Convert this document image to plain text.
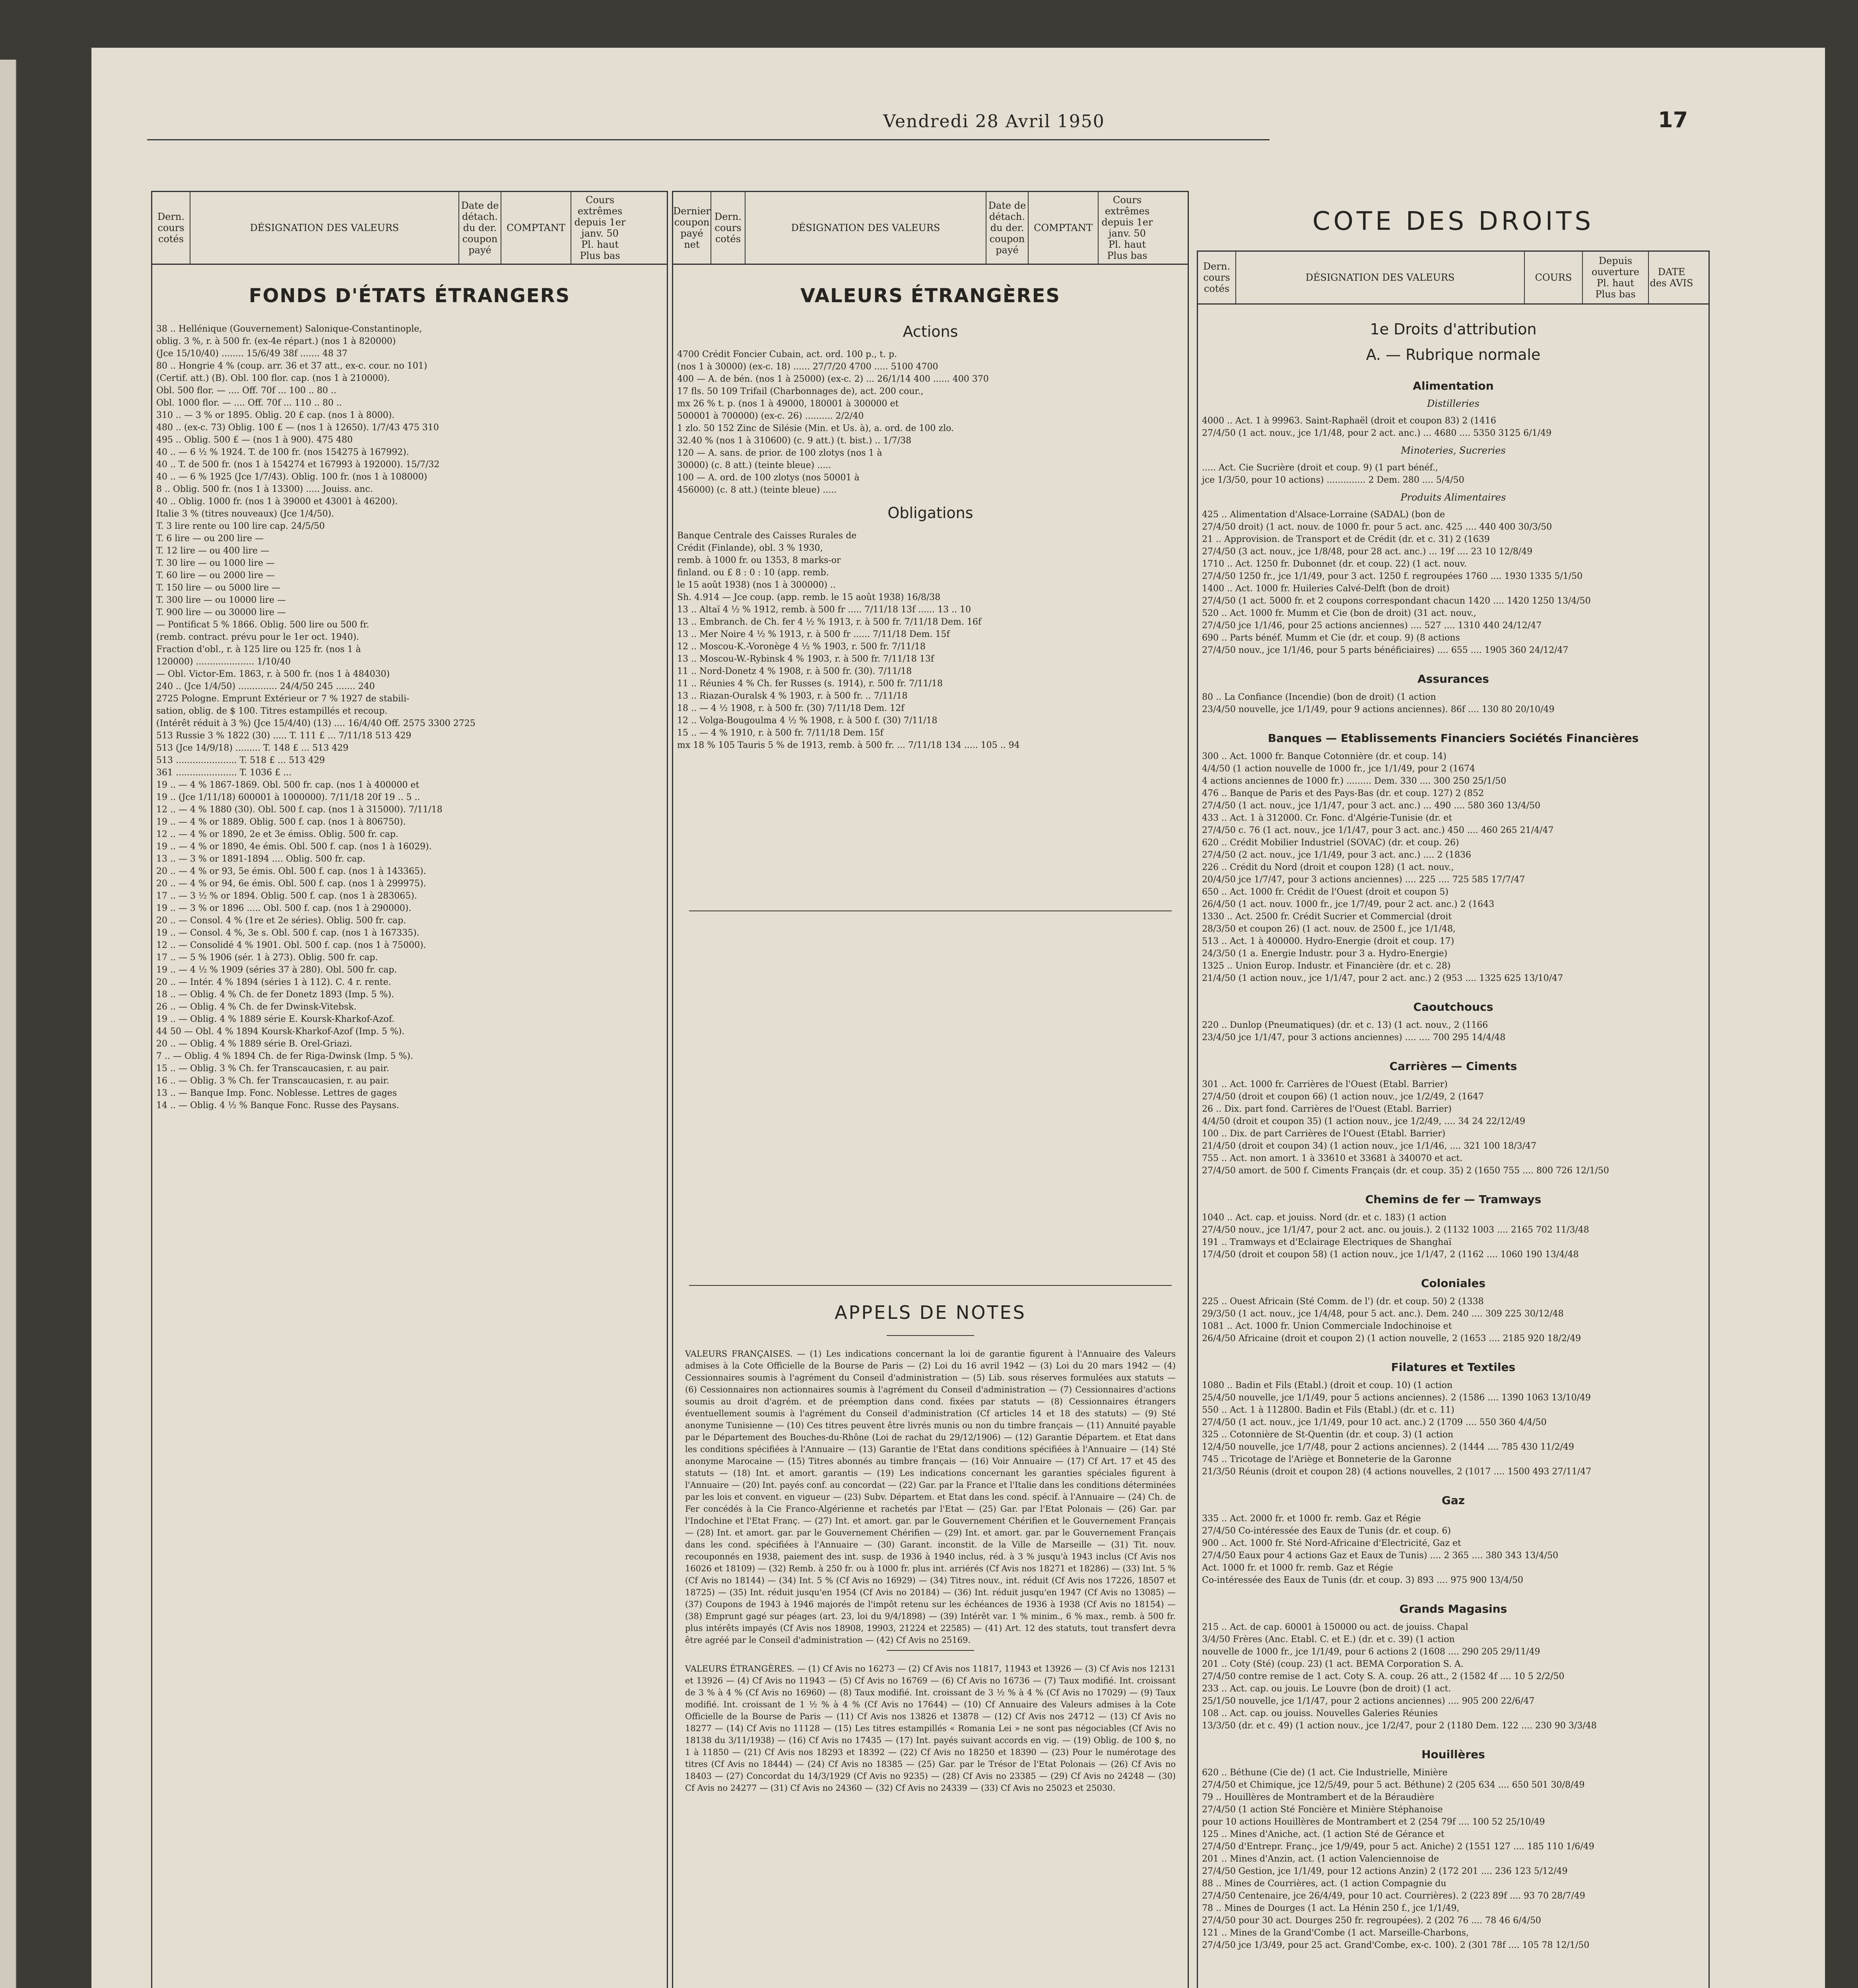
Vendredi 28 Avril 1950	17
Dern. cours cotés
DÉSIGNATION DES VALEURS
Date de détach. du der. coupon payé
COMPTANT
Cours extrêmes depuis 1er janv. 50
Pl. haut
Plus bas
FONDS D'ÉTATS ÉTRANGERS
38 .. Hellénique (Gouvernement) Salonique-Constantinople,
oblig. 3 %, r. à 500 fr. (ex-4e répart.) (nos 1 à 820000)
(Jce 15/10/40) ........ 15/6/49 38f ....... 48 37
80 .. Hongrie 4 % (coup. arr. 36 et 37 att., ex-c. cour. no 101)
(Certif. att.) (B). Obl. 100 flor. cap. (nos 1 à 210000).
Obl. 500 flor. — .... Off. 70f ... 100 .. 80 ..
Obl. 1000 flor. — .... Off. 70f ... 110 .. 80 ..
310 .. — 3 % or 1895. Oblig. 20 £ cap. (nos 1 à 8000).
480 .. (ex-c. 73) Oblig. 100 £ — (nos 1 à 12650). 1/7/43 475 310
495 .. Oblig. 500 £ — (nos 1 à 900). 475 480
40 .. — 6 ½ % 1924. T. de 100 fr. (nos 154275 à 167992).
40 .. T. de 500 fr. (nos 1 à 154274 et 167993 à 192000). 15/7/32
40 .. — 6 % 1925 (Jce 1/7/43). Oblig. 100 fr. (nos 1 à 108000)
8 .. Oblig. 500 fr. (nos 1 à 13300) ..... Jouiss. anc.
40 .. Oblig. 1000 fr. (nos 1 à 39000 et 43001 à 46200).
Italie 3 % (titres nouveaux) (Jce 1/4/50).
T. 3 lire rente ou 100 lire cap. 24/5/50
T. 6 lire — ou 200 lire —
T. 12 lire — ou 400 lire —
T. 30 lire — ou 1000 lire —
T. 60 lire — ou 2000 lire —
T. 150 lire — ou 5000 lire —
T. 300 lire — ou 10000 lire —
T. 900 lire — ou 30000 lire —
— Pontificat 5 % 1866. Oblig. 500 lire ou 500 fr.
(remb. contract. prévu pour le 1er oct. 1940).
Fraction d'obl., r. à 125 lire ou 125 fr. (nos 1 à
120000) ..................... 1/10/40
— Obl. Victor-Em. 1863, r. à 500 fr. (nos 1 à 484030)
240 .. (Jce 1/4/50) .............. 24/4/50 245 ....... 240
2725 Pologne. Emprunt Extérieur or 7 % 1927 de stabili-
sation, oblig. de $ 100. Titres estampillés et recoup.
(Intérêt réduit à 3 %) (Jce 15/4/40) (13) .... 16/4/40 Off. 2575 3300 2725
513 Russie 3 % 1822 (30) ..... T. 111 £ ... 7/11/18 513 429
513 (Jce 14/9/18) ......... T. 148 £ ... 513 429
513 ...................... T. 518 £ ... 513 429
361 ...................... T. 1036 £ ...
19 .. — 4 % 1867-1869. Obl. 500 fr. cap. (nos 1 à 400000 et
19 .. (Jce 1/11/18) 600001 à 1000000). 7/11/18 20f 19 .. 5 ..
12 .. — 4 % 1880 (30). Obl. 500 f. cap. (nos 1 à 315000). 7/11/18
19 .. — 4 % or 1889. Oblig. 500 f. cap. (nos 1 à 806750).
12 .. — 4 % or 1890, 2e et 3e émiss. Oblig. 500 fr. cap.
19 .. — 4 % or 1890, 4e émis. Obl. 500 f. cap. (nos 1 à 16029).
13 .. — 3 % or 1891-1894 .... Oblig. 500 fr. cap.
20 .. — 4 % or 93, 5e émis. Obl. 500 f. cap. (nos 1 à 143365).
20 .. — 4 % or 94, 6e émis. Obl. 500 f. cap. (nos 1 à 299975).
17 .. — 3 ½ % or 1894. Oblig. 500 f. cap. (nos 1 à 283065).
19 .. — 3 % or 1896 ..... Obl. 500 f. cap. (nos 1 à 290000).
20 .. — Consol. 4 % (1re et 2e séries). Oblig. 500 fr. cap.
19 .. — Consol. 4 %, 3e s. Obl. 500 f. cap. (nos 1 à 167335).
12 .. — Consolidé 4 % 1901. Obl. 500 f. cap. (nos 1 à 75000).
17 .. — 5 % 1906 (sér. 1 à 273). Oblig. 500 fr. cap.
19 .. — 4 ½ % 1909 (séries 37 à 280). Obl. 500 fr. cap.
20 .. — Intér. 4 % 1894 (séries 1 à 112). C. 4 r. rente.
18 .. — Oblig. 4 % Ch. de fer Donetz 1893 (Imp. 5 %).
26 .. — Oblig. 4 % Ch. de fer Dwinsk-Vitebsk.
19 .. — Oblig. 4 % 1889 série E. Koursk-Kharkof-Azof.
44 50 — Obl. 4 % 1894 Koursk-Kharkof-Azof (Imp. 5 %).
20 .. — Oblig. 4 % 1889 série B. Orel-Griazi.
7 .. — Oblig. 4 % 1894 Ch. de fer Riga-Dwinsk (Imp. 5 %).
15 .. — Oblig. 3 % Ch. fer Transcaucasien, r. au pair.
16 .. — Oblig. 3 % Ch. fer Transcaucasien, r. au pair.
13 .. — Banque Imp. Fonc. Noblesse. Lettres de gages
14 .. — Oblig. 4 ½ % Banque Fonc. Russe des Paysans.
Dernier coupon payé net
Dern. cours cotés
DÉSIGNATION DES VALEURS
Date de détach. du der. coupon payé
COMPTANT
Cours extrêmes depuis 1er janv. 50
Pl. haut
Plus bas
VALEURS ÉTRANGÈRES
Actions
4700 Crédit Foncier Cubain, act. ord. 100 p., t. p.
(nos 1 à 30000) (ex-c. 18) ...... 27/7/20 4700 ..... 5100 4700
400 — A. de bén. (nos 1 à 25000) (ex-c. 2) ... 26/1/14 400 ...... 400 370
17 fls. 50 109 Trifail (Charbonnages de), act. 200 cour.,
mx 26 % t. p. (nos 1 à 49000, 180001 à 300000 et
500001 à 700000) (ex-c. 26) .......... 2/2/40
1 zlo. 50 152 Zinc de Silésie (Min. et Us. à), a. ord. de 100 zlo.
32.40 % (nos 1 à 310600) (c. 9 att.) (t. bist.) .. 1/7/38
120 — A. sans. de prior. de 100 zlotys (nos 1 à
30000) (c. 8 att.) (teinte bleue) .....
100 — A. ord. de 100 zlotys (nos 50001 à
456000) (c. 8 att.) (teinte bleue) .....
Obligations
Banque Centrale des Caisses Rurales de
Crédit (Finlande), obl. 3 % 1930,
remb. à 1000 fr. ou 1353, 8 marks-or
finland. ou £ 8 : 0 : 10 (app. remb.
le 15 août 1938) (nos 1 à 300000) ..
Sh. 4.914 — Jce coup. (app. remb. le 15 août 1938) 16/8/38
13 .. Altaï 4 ½ % 1912, remb. à 500 fr ..... 7/11/18 13f ...... 13 .. 10
13 .. Embranch. de Ch. fer 4 ½ % 1913, r. à 500 fr. 7/11/18 Dem. 16f
13 .. Mer Noire 4 ½ % 1913, r. à 500 fr ...... 7/11/18 Dem. 15f
12 .. Moscou-K.-Voronège 4 ½ % 1903, r. 500 fr. 7/11/18
13 .. Moscou-W.-Rybinsk 4 % 1903, r. à 500 fr. 7/11/18 13f
11 .. Nord-Donetz 4 % 1908, r. à 500 fr. (30). 7/11/18
11 .. Réunies 4 % Ch. fer Russes (s. 1914), r. 500 fr. 7/11/18
13 .. Riazan-Ouralsk 4 % 1903, r. à 500 fr. .. 7/11/18
18 .. — 4 ½ 1908, r. à 500 fr. (30) 7/11/18 Dem. 12f
12 .. Volga-Bougoulma 4 ½ % 1908, r. à 500 f. (30) 7/11/18
15 .. — 4 % 1910, r. à 500 fr. 7/11/18 Dem. 15f
mx 18 % 105 Tauris 5 % de 1913, remb. à 500 fr. ... 7/11/18 134 ..... 105 .. 94
APPELS DE NOTES
VALEURS FRANÇAISES. — (1) Les indications concernant la loi de garantie figurent à l'Annuaire des Valeurs admises à la Cote Officielle de la Bourse de Paris — (2) Loi du 16 avril 1942 — (3) Loi du 20 mars 1942 — (4) Cessionnaires soumis à l'agrément du Conseil d'administration — (5) Lib. sous réserves formulées aux statuts — (6) Cessionnaires non actionnaires soumis à l'agrément du Conseil d'administration — (7) Cessionnaires d'actions soumis au droit d'agrém. et de préemption dans cond. fixées par statuts — (8) Cessionnaires étrangers éventuellement soumis à l'agrément du Conseil d'administration (Cf articles 14 et 18 des statuts) — (9) Sté anonyme Tunisienne — (10) Ces titres peuvent être livrés munis ou non du timbre français — (11) Annuité payable par le Département des Bouches-du-Rhône (Loi de rachat du 29/12/1906) — (12) Garantie Départem. et Etat dans les conditions spécifiées à l'Annuaire — (13) Garantie de l'Etat dans conditions spécifiées à l'Annuaire — (14) Sté anonyme Marocaine — (15) Titres abonnés au timbre français — (16) Voir Annuaire — (17) Cf Art. 17 et 45 des statuts — (18) Int. et amort. garantis — (19) Les indications concernant les garanties spéciales figurent à l'Annuaire — (20) Int. payés conf. au concordat — (22) Gar. par la France et l'Italie dans les conditions déterminées par les lois et convent. en vigueur — (23) Subv. Départem. et Etat dans les cond. spécif. à l'Annuaire — (24) Ch. de Fer concédés à la Cie Franco-Algérienne et rachetés par l'Etat — (25) Gar. par l'Etat Polonais — (26) Gar. par l'Indochine et l'Etat Franç. — (27) Int. et amort. gar. par le Gouvernement Chérifien et le Gouvernement Français — (28) Int. et amort. gar. par le Gouvernement Chérifien — (29) Int. et amort. gar. par le Gouvernement Français dans les cond. spécifiées à l'Annuaire — (30) Garant. inconstit. de la Ville de Marseille — (31) Tit. nouv. recouponnés en 1938, paiement des int. susp. de 1936 à 1940 inclus, réd. à 3 % jusqu'à 1943 inclus (Cf Avis nos 16026 et 18109) — (32) Remb. à 250 fr. ou à 1000 fr. plus int. arriérés (Cf Avis nos 18271 et 18286) — (33) Int. 5 % (Cf Avis no 18144) — (34) Int. 5 % (Cf Avis no 16929) — (34) Titres nouv., int. réduit (Cf Avis nos 17226, 18507 et 18725) — (35) Int. réduit jusqu'en 1954 (Cf Avis no 20184) — (36) Int. réduit jusqu'en 1947 (Cf Avis no 13085) — (37) Coupons de 1943 à 1946 majorés de l'impôt retenu sur les échéances de 1936 à 1938 (Cf Avis no 18154) — (38) Emprunt gagé sur péages (art. 23, loi du 9/4/1898) — (39) Intérêt var. 1 % minim., 6 % max., remb. à 500 fr. plus intérêts impayés (Cf Avis nos 18908, 19903, 21224 et 22585) — (41) Art. 12 des statuts, tout transfert devra être agréé par le Conseil d'administration — (42) Cf Avis no 25169.
VALEURS ÉTRANGÈRES. — (1) Cf Avis no 16273 — (2) Cf Avis nos 11817, 11943 et 13926 — (3) Cf Avis nos 12131 et 13926 — (4) Cf Avis no 11943 — (5) Cf Avis no 16769 — (6) Cf Avis no 16736 — (7) Taux modifié. Int. croissant de 3 % à 4 % (Cf Avis no 16960) — (8) Taux modifié. Int. croissant de 3 ½ % à 4 % (Cf Avis no 17029) — (9) Taux modifié. Int. croissant de 1 ½ % à 4 % (Cf Avis no 17644) — (10) Cf Annuaire des Valeurs admises à la Cote Officielle de la Bourse de Paris — (11) Cf Avis nos 13826 et 13878 — (12) Cf Avis nos 24712 — (13) Cf Avis no 18277 — (14) Cf Avis no 11128 — (15) Les titres estampillés « Romania Lei » ne sont pas négociables (Cf Avis no 18138 du 3/11/1938) — (16) Cf Avis no 17435 — (17) Int. payés suivant accords en vig. — (19) Oblig. de 100 $, no 1 à 11850 — (21) Cf Avis nos 18293 et 18392 — (22) Cf Avis no 18250 et 18390 — (23) Pour le numérotage des titres (Cf Avis no 18444) — (24) Cf Avis no 18385 — (25) Gar. par le Trésor de l'Etat Polonais — (26) Cf Avis no 18403 — (27) Concordat du 14/3/1929 (Cf Avis no 9235) — (28) Cf Avis no 23385 — (29) Cf Avis no 24248 — (30) Cf Avis no 24277 — (31) Cf Avis no 24360 — (32) Cf Avis no 24339 — (33) Cf Avis no 25023 et 25030.
COTE DES DROITS
Dern. cours cotés
DÉSIGNATION DES VALEURS	COURS
Depuis ouverture
Pl. haut
Plus bas
DATE des AVIS
1e Droits d'attribution
A. — Rubrique normale
Alimentation
Distilleries
4000 .. Act. 1 à 99963. Saint-Raphaël (droit et coupon 83) 2 (1416
27/4/50 (1 act. nouv., jce 1/1/48, pour 2 act. anc.) ... 4680 .... 5350 3125 6/1/49
Minoteries, Sucreries
..... Act. Cie Sucrière (droit et coup. 9) (1 part bénéf.,
jce 1/3/50, pour 10 actions) .............. 2 Dem. 280 .... 5/4/50
Produits Alimentaires
425 .. Alimentation d'Alsace-Lorraine (SADAL) (bon de
27/4/50 droit) (1 act. nouv. de 1000 fr. pour 5 act. anc. 425 .... 440 400 30/3/50
21 .. Approvision. de Transport et de Crédit (dr. et c. 31) 2 (1639
27/4/50 (3 act. nouv., jce 1/8/48, pour 28 act. anc.) ... 19f .... 23 10 12/8/49
1710 .. Act. 1250 fr. Dubonnet (dr. et coup. 22) (1 act. nouv.
27/4/50 1250 fr., jce 1/1/49, pour 3 act. 1250 f. regroupées 1760 .... 1930 1335 5/1/50
1400 .. Act. 1000 fr. Huileries Calvé-Delft (bon de droit)
27/4/50 (1 act. 5000 fr. et 2 coupons correspondant chacun 1420 .... 1420 1250 13/4/50
520 .. Act. 1000 fr. Mumm et Cie (bon de droit) (31 act. nouv.,
27/4/50 jce 1/1/46, pour 25 actions anciennes) .... 527 .... 1310 440 24/12/47
690 .. Parts bénéf. Mumm et Cie (dr. et coup. 9) (8 actions
27/4/50 nouv., jce 1/1/46, pour 5 parts bénéficiaires) .... 655 .... 1905 360 24/12/47
Assurances
80 .. La Confiance (Incendie) (bon de droit) (1 action
23/4/50 nouvelle, jce 1/1/49, pour 9 actions anciennes). 86f .... 130 80 20/10/49
Banques — Etablissements Financiers Sociétés Financières
300 .. Act. 1000 fr. Banque Cotonnière (dr. et coup. 14)
4/4/50 (1 action nouvelle de 1000 fr., jce 1/1/49, pour 2 (1674
4 actions anciennes de 1000 fr.) ......... Dem. 330 .... 300 250 25/1/50
476 .. Banque de Paris et des Pays-Bas (dr. et coup. 127) 2 (852
27/4/50 (1 act. nouv., jce 1/1/47, pour 3 act. anc.) ... 490 .... 580 360 13/4/50
433 .. Act. 1 à 312000. Cr. Fonc. d'Algérie-Tunisie (dr. et
27/4/50 c. 76 (1 act. nouv., jce 1/1/47, pour 3 act. anc.) 450 .... 460 265 21/4/47
620 .. Crédit Mobilier Industriel (SOVAC) (dr. et coup. 26)
27/4/50 (2 act. nouv., jce 1/1/49, pour 3 act. anc.) .... 2 (1836
226 .. Crédit du Nord (droit et coupon 128) (1 act. nouv.,
20/4/50 jce 1/7/47, pour 3 actions anciennes) .... 225 .... 725 585 17/7/47
650 .. Act. 1000 fr. Crédit de l'Ouest (droit et coupon 5)
26/4/50 (1 act. nouv. 1000 fr., jce 1/7/49, pour 2 act. anc.) 2 (1643
1330 .. Act. 2500 fr. Crédit Sucrier et Commercial (droit
28/3/50 et coupon 26) (1 act. nouv. de 2500 f., jce 1/1/48,
513 .. Act. 1 à 400000. Hydro-Energie (droit et coup. 17)
24/3/50 (1 a. Energie Industr. pour 3 a. Hydro-Energie)
1325 .. Union Europ. Industr. et Financière (dr. et c. 28)
21/4/50 (1 action nouv., jce 1/1/47, pour 2 act. anc.) 2 (953 .... 1325 625 13/10/47
Caoutchoucs
220 .. Dunlop (Pneumatiques) (dr. et c. 13) (1 act. nouv., 2 (1166
23/4/50 jce 1/1/47, pour 3 actions anciennes) .... .... 700 295 14/4/48
Carrières — Ciments
301 .. Act. 1000 fr. Carrières de l'Ouest (Etabl. Barrier)
27/4/50 (droit et coupon 66) (1 action nouv., jce 1/2/49, 2 (1647
26 .. Dix. part fond. Carrières de l'Ouest (Etabl. Barrier)
4/4/50 (droit et coupon 35) (1 action nouv., jce 1/2/49, .... 34 24 22/12/49
100 .. Dix. de part Carrières de l'Ouest (Etabl. Barrier)
21/4/50 (droit et coupon 34) (1 action nouv., jce 1/1/46, .... 321 100 18/3/47
755 .. Act. non amort. 1 à 33610 et 33681 à 340070 et act.
27/4/50 amort. de 500 f. Ciments Français (dr. et coup. 35) 2 (1650 755 .... 800 726 12/1/50
Chemins de fer — Tramways
1040 .. Act. cap. et jouiss. Nord (dr. et c. 183) (1 action
27/4/50 nouv., jce 1/1/47, pour 2 act. anc. ou jouis.). 2 (1132 1003 .... 2165 702 11/3/48
191 .. Tramways et d'Eclairage Electriques de Shanghaï
17/4/50 (droit et coupon 58) (1 action nouv., jce 1/1/47, 2 (1162 .... 1060 190 13/4/48
Coloniales
225 .. Ouest Africain (Sté Comm. de l') (dr. et coup. 50) 2 (1338
29/3/50 (1 act. nouv., jce 1/4/48, pour 5 act. anc.). Dem. 240 .... 309 225 30/12/48
1081 .. Act. 1000 fr. Union Commerciale Indochinoise et
26/4/50 Africaine (droit et coupon 2) (1 action nouvelle, 2 (1653 .... 2185 920 18/2/49
Filatures et Textiles
1080 .. Badin et Fils (Etabl.) (droit et coup. 10) (1 action
25/4/50 nouvelle, jce 1/1/49, pour 5 actions anciennes). 2 (1586 .... 1390 1063 13/10/49
550 .. Act. 1 à 112800. Badin et Fils (Etabl.) (dr. et c. 11)
27/4/50 (1 act. nouv., jce 1/1/49, pour 10 act. anc.) 2 (1709 .... 550 360 4/4/50
325 .. Cotonnière de St-Quentin (dr. et coup. 3) (1 action
12/4/50 nouvelle, jce 1/7/48, pour 2 actions anciennes). 2 (1444 .... 785 430 11/2/49
745 .. Tricotage de l'Ariège et Bonneterie de la Garonne
21/3/50 Réunis (droit et coupon 28) (4 actions nouvelles, 2 (1017 .... 1500 493 27/11/47
Gaz
335 .. Act. 2000 fr. et 1000 fr. remb. Gaz et Régie
27/4/50 Co-intéressée des Eaux de Tunis (dr. et coup. 6)
900 .. Act. 1000 fr. Sté Nord-Africaine d'Electricité, Gaz et
27/4/50 Eaux pour 4 actions Gaz et Eaux de Tunis) .... 2 365 .... 380 343 13/4/50
Act. 1000 fr. et 1000 fr. remb. Gaz et Régie
Co-intéressée des Eaux de Tunis (dr. et coup. 3) 893 .... 975 900 13/4/50
Grands Magasins
215 .. Act. de cap. 60001 à 150000 ou act. de jouiss. Chapal
3/4/50 Frères (Anc. Etabl. C. et E.) (dr. et c. 39) (1 action
nouvelle de 1000 fr., jce 1/1/49, pour 6 actions 2 (1608 .... 290 205 29/11/49
201 .. Coty (Sté) (coup. 23) (1 act. BEMA Corporation S. A.
27/4/50 contre remise de 1 act. Coty S. A. coup. 26 att., 2 (1582 4f .... 10 5 2/2/50
233 .. Act. cap. ou jouis. Le Louvre (bon de droit) (1 act.
25/1/50 nouvelle, jce 1/1/47, pour 2 actions anciennes) .... 905 200 22/6/47
108 .. Act. cap. ou jouiss. Nouvelles Galeries Réunies
13/3/50 (dr. et c. 49) (1 action nouv., jce 1/2/47, pour 2 (1180 Dem. 122 .... 230 90 3/3/48
Houillères
620 .. Béthune (Cie de) (1 act. Cie Industrielle, Minière
27/4/50 et Chimique, jce 12/5/49, pour 5 act. Béthune) 2 (205 634 .... 650 501 30/8/49
79 .. Houillères de Montrambert et de la Béraudière
27/4/50 (1 action Sté Foncière et Minière Stéphanoise
pour 10 actions Houillères de Montrambert et 2 (254 79f .... 100 52 25/10/49
125 .. Mines d'Aniche, act. (1 action Sté de Gérance et
27/4/50 d'Entrepr. Franç., jce 1/9/49, pour 5 act. Aniche) 2 (1551 127 .... 185 110 1/6/49
201 .. Mines d'Anzin, act. (1 action Valenciennoise de
27/4/50 Gestion, jce 1/1/49, pour 12 actions Anzin) 2 (172 201 .... 236 123 5/12/49
88 .. Mines de Courrières, act. (1 action Compagnie du
27/4/50 Centenaire, jce 26/4/49, pour 10 act. Courrières). 2 (223 89f .... 93 70 28/7/49
78 .. Mines de Dourges (1 act. La Hénin 250 f., jce 1/1/49,
27/4/50 pour 30 act. Dourges 250 fr. regroupées). 2 (202 76 .... 78 46 6/4/50
121 .. Mines de la Grand'Combe (1 act. Marseille-Charbons,
27/4/50 jce 1/3/49, pour 25 act. Grand'Combe, ex-c. 100). 2 (301 78f .... 105 78 12/1/50
